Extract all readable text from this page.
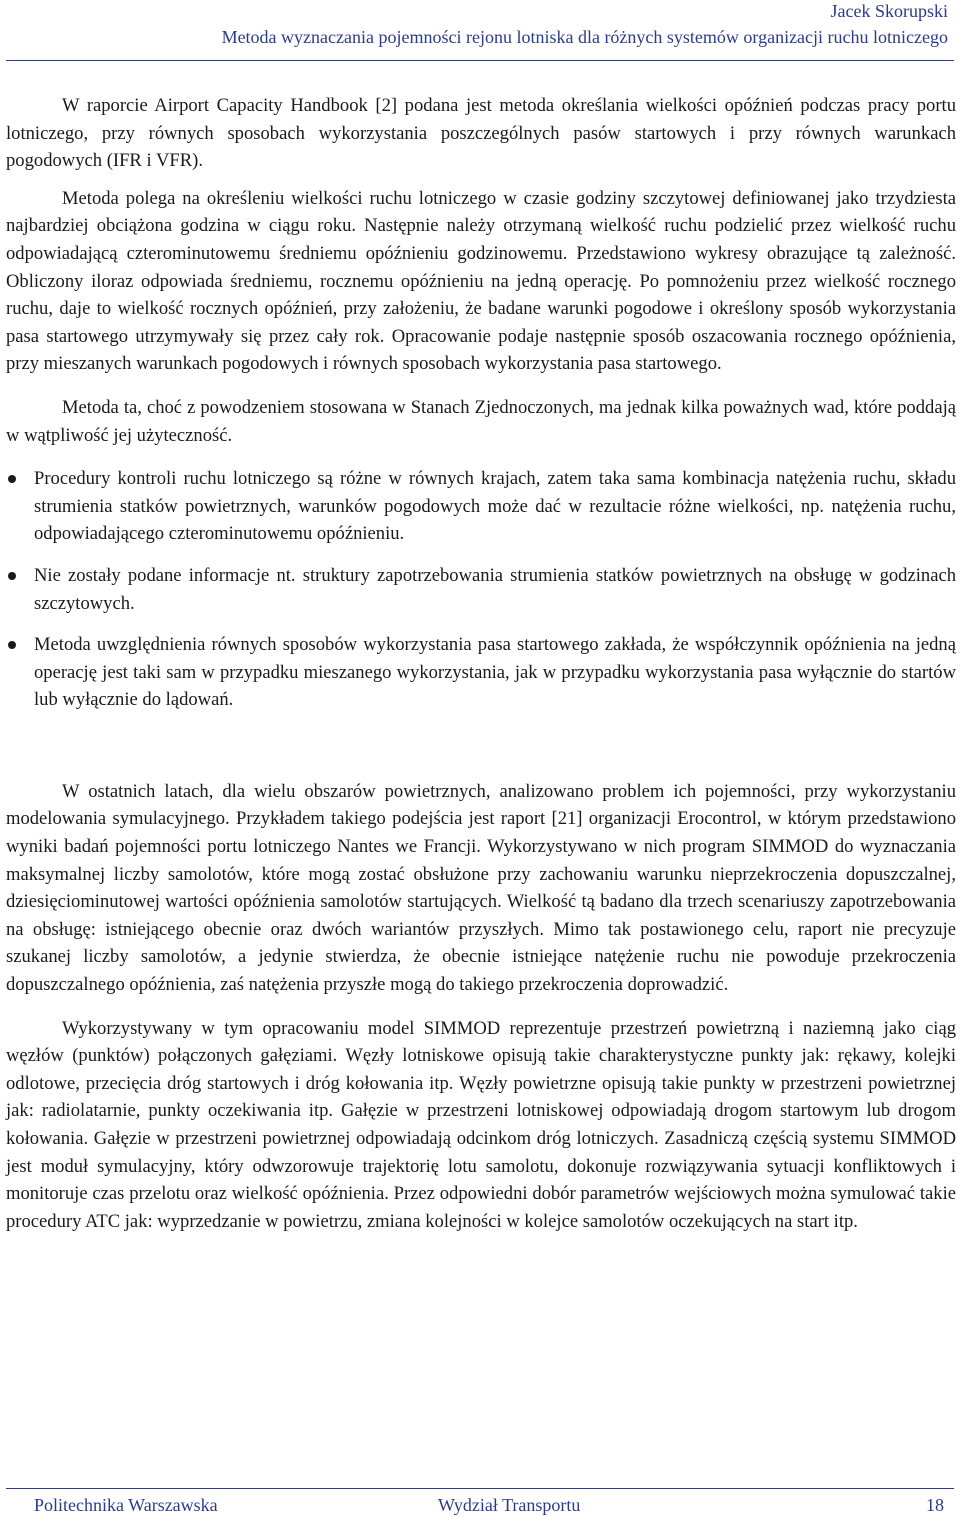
Jacek Skorupski
Metoda wyznaczania pojemności rejonu lotniska dla różnych systemów organizacji ruchu lotniczego

W raporcie Airport Capacity Handbook [2] podana jest metoda określania wielkości opóźnień podczas pracy portu lotniczego, przy równych sposobach wykorzystania poszczególnych pasów startowych i przy równych warunkach pogodowych (IFR i VFR).

Metoda polega na określeniu wielkości ruchu lotniczego w czasie godziny szczytowej definiowanej jako trzydziesta najbardziej obciążona godzina w ciągu roku. Następnie należy otrzymaną wielkość ruchu podzielić przez wielkość ruchu odpowiadającą czterominutowemu średniemu opóźnieniu godzinowemu. Przedstawiono wykresy obrazujące tą zależność. Obliczony iloraz odpowiada średniemu, rocznemu opóźnieniu na jedną operację. Po pomnożeniu przez wielkość rocznego ruchu, daje to wielkość rocznych opóźnień, przy założeniu, że badane warunki pogodowe i określony sposób wykorzystania pasa startowego utrzymywały się przez cały rok. Opracowanie podaje następnie sposób oszacowania rocznego opóźnienia, przy mieszanych warunkach pogodowych i równych sposobach wykorzystania pasa startowego.

Metoda ta, choć z powodzeniem stosowana w Stanach Zjednoczonych, ma jednak kilka poważnych wad, które poddają w wątpliwość jej użyteczność.

Procedury kontroli ruchu lotniczego są różne w równych krajach, zatem taka sama kombinacja natężenia ruchu, składu strumienia statków powietrznych, warunków pogodowych może dać w rezultacie różne wielkości, np. natężenia ruchu, odpowiadającego czterominutowemu opóźnieniu.
Nie zostały podane informacje nt. struktury zapotrzebowania strumienia statków powietrznych na obsługę w godzinach szczytowych.
Metoda uwzględnienia równych sposobów wykorzystania pasa startowego zakłada, że współczynnik opóźnienia na jedną operację jest taki sam w przypadku mieszanego wykorzystania, jak w przypadku wykorzystania pasa wyłącznie do startów lub wyłącznie do lądowań.

W ostatnich latach, dla wielu obszarów powietrznych, analizowano problem ich pojemności, przy wykorzystaniu modelowania symulacyjnego. Przykładem takiego podejścia jest raport [21] organizacji Erocontrol, w którym przedstawiono wyniki badań pojemności portu lotniczego Nantes we Francji. Wykorzystywano w nich program SIMMOD do wyznaczania maksymalnej liczby samolotów, które mogą zostać obsłużone przy zachowaniu warunku nieprzekroczenia dopuszczalnej, dziesięciominutowej wartości opóźnienia samolotów startujących. Wielkość tą badano dla trzech scenariuszy zapotrzebowania na obsługę: istniejącego obecnie oraz dwóch wariantów przyszłych. Mimo tak postawionego celu, raport nie precyzuje szukanej liczby samolotów, a jedynie stwierdza, że obecnie istniejące natężenie ruchu nie powoduje przekroczenia dopuszczalnego opóźnienia, zaś natężenia przyszłe mogą do takiego przekroczenia doprowadzić.

Wykorzystywany w tym opracowaniu model SIMMOD reprezentuje przestrzeń powietrzną i naziemną jako ciąg węzłów (punktów) połączonych gałęziami. Węzły lotniskowe opisują takie charakterystyczne punkty jak: rękawy, kolejki odlotowe, przecięcia dróg startowych i dróg kołowania itp. Węzły powietrzne opisują takie punkty w przestrzeni powietrznej jak: radiolatarnie, punkty oczekiwania itp. Gałęzie w przestrzeni lotniskowej odpowiadają drogom startowym lub drogom kołowania. Gałęzie w przestrzeni powietrznej odpowiadają odcinkom dróg lotniczych. Zasadniczą częścią systemu SIMMOD jest moduł symulacyjny, który odwzorowuje trajektorię lotu samolotu, dokonuje rozwiązywania sytuacji konfliktowych i monitoruje czas przelotu oraz wielkość opóźnienia. Przez odpowiedni dobór parametrów wejściowych można symulować takie procedury ATC jak: wyprzedzanie w powietrzu, zmiana kolejności w kolejce samolotów oczekujących na start itp.

Politechnika Warszawska	Wydział Transportu	18
